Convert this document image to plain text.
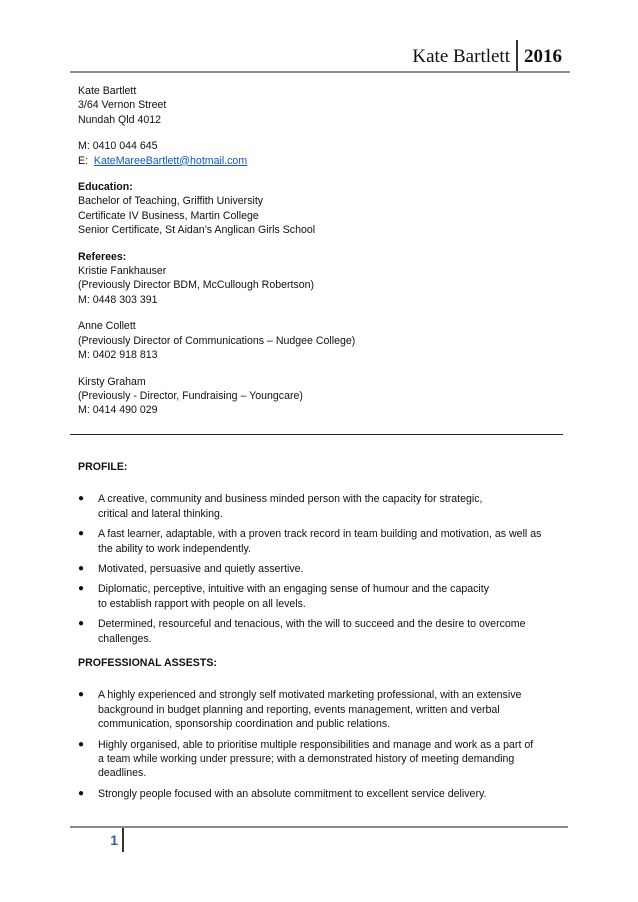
Kate Bartlett 2016
Kate Bartlett
3/64 Vernon Street
Nundah Qld 4012
M: 0410 044 645
E: KateMareeBartlett@hotmail.com
Education:
Bachelor of Teaching, Griffith University
Certificate IV Business, Martin College
Senior Certificate, St Aidan’s Anglican Girls School
Referees:
Kristie Fankhauser
(Previously Director BDM, McCullough Robertson)
M: 0448 303 391
Anne Collett
(Previously Director of Communications – Nudgee College)
M: 0402 918 813
Kirsty Graham
(Previously - Director, Fundraising – Youngcare)
M: 0414 490 029
PROFILE:
● A creative, community and business minded person with the capacity for strategic,
critical and lateral thinking.
● A fast learner, adaptable, with a proven track record in team building and motivation, as well as
the ability to work independently.
● Motivated, persuasive and quietly assertive.
● Diplomatic, perceptive, intuitive with an engaging sense of humour and the capacity
to establish rapport with people on all levels.
● Determined, resourceful and tenacious, with the will to succeed and the desire to overcome
challenges.
PROFESSIONAL ASSESTS:
● A highly experienced and strongly self motivated marketing professional, with an extensive
background in budget planning and reporting, events management, written and verbal
communication, sponsorship coordination and public relations.
● Highly organised, able to prioritise multiple responsibilities and manage and work as a part of
a team while working under pressure; with a demonstrated history of meeting demanding
deadlines.
● Strongly people focused with an absolute commitment to excellent service delivery.
1
